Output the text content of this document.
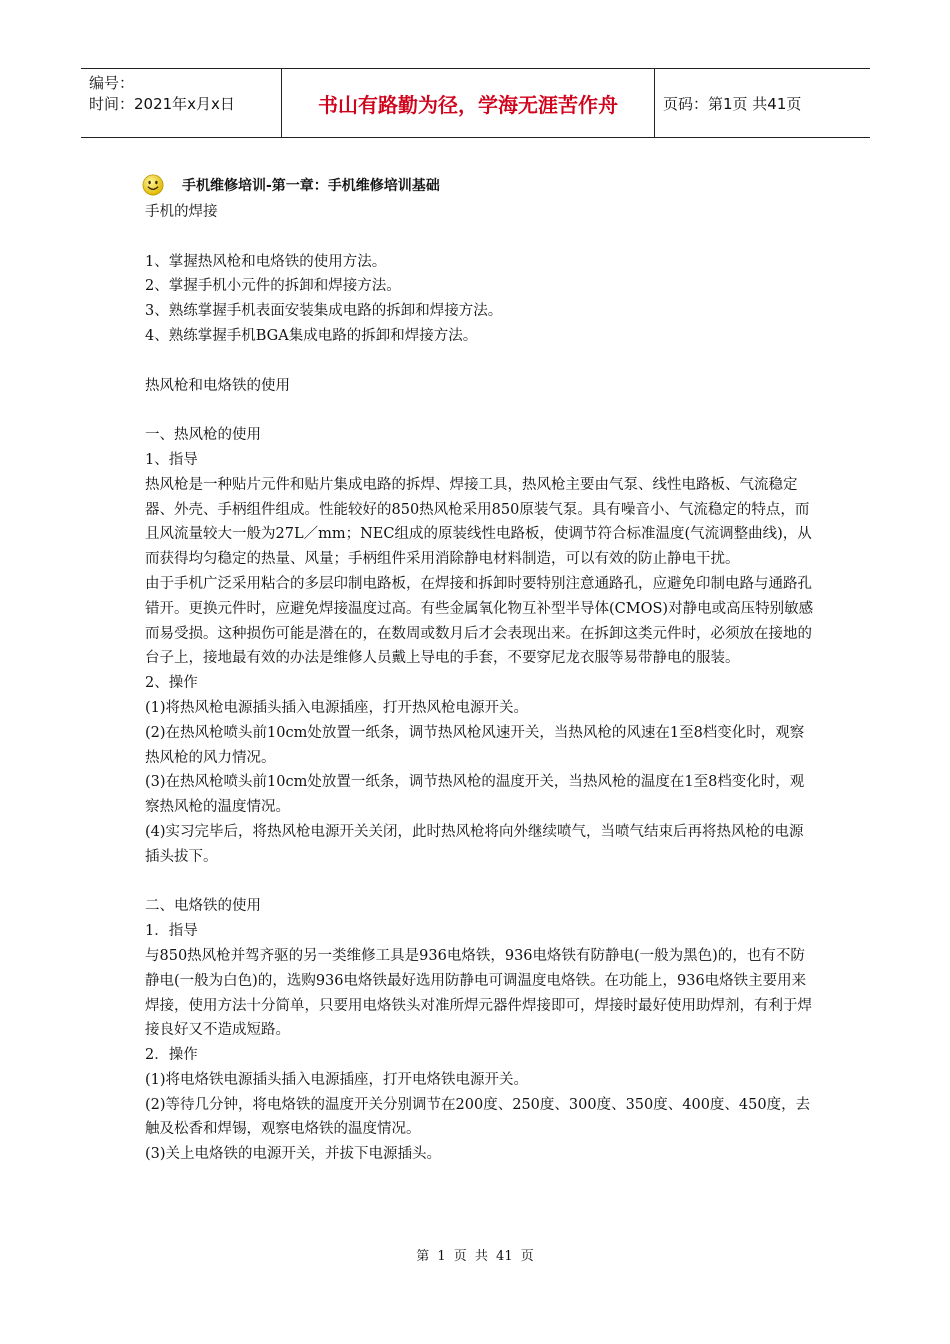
编号：
时间：2021年x月x日	书山有路勤为径，学海无涯苦作舟	页码：第1页 共41页
手机维修培训-第一章：手机维修培训基础
手机的焊接
1、掌握热风枪和电烙铁的使用方法。
2、掌握手机小元件的拆卸和焊接方法。
3、熟练掌握手机表面安装集成电路的拆卸和焊接方法。
4、熟练掌握手机BGA集成电路的拆卸和焊接方法。
热风枪和电烙铁的使用
一、热风枪的使用
1、指导
热风枪是一种贴片元件和贴片集成电路的拆焊、焊接工具，热风枪主要由气泵、线性电路板、气流稳定器、外壳、手柄组件组成。性能较好的850热风枪采用850原装气泵。具有噪音小、气流稳定的特点，而且风流量较大一般为27L／mm；NEC组成的原装线性电路板，使调节符合标准温度(气流调整曲线)，从而获得均匀稳定的热量、风量；手柄组件采用消除静电材料制造，可以有效的防止静电干扰。
由于手机广泛采用粘合的多层印制电路板，在焊接和拆卸时要特别注意通路孔，应避免印制电路与通路孔错开。更换元件时，应避免焊接温度过高。有些金属氧化物互补型半导体(CMOS)对静电或高压特别敏感而易受损。这种损伤可能是潜在的，在数周或数月后才会表现出来。在拆卸这类元件时，必须放在接地的台子上，接地最有效的办法是维修人员戴上导电的手套，不要穿尼龙衣服等易带静电的服装。
2、操作
(1)将热风枪电源插头插入电源插座，打开热风枪电源开关。
(2)在热风枪喷头前10cm处放置一纸条，调节热风枪风速开关，当热风枪的风速在1至8档变化时，观察热风枪的风力情况。
(3)在热风枪喷头前10cm处放置一纸条，调节热风枪的温度开关，当热风枪的温度在1至8档变化时，观察热风枪的温度情况。
(4)实习完毕后，将热风枪电源开关关闭，此时热风枪将向外继续喷气，当喷气结束后再将热风枪的电源插头拔下。
二、电烙铁的使用
1．指导
与850热风枪并驾齐驱的另一类维修工具是936电烙铁，936电烙铁有防静电(一般为黑色)的，也有不防静电(一般为白色)的，选购936电烙铁最好选用防静电可调温度电烙铁。在功能上，936电烙铁主要用来焊接，使用方法十分简单，只要用电烙铁头对准所焊元器件焊接即可，焊接时最好使用助焊剂，有利于焊接良好又不造成短路。
2．操作
(1)将电烙铁电源插头插入电源插座，打开电烙铁电源开关。
(2)等待几分钟，将电烙铁的温度开关分别调节在200度、250度、300度、350度、400度、450度，去触及松香和焊锡，观察电烙铁的温度情况。
(3)关上电烙铁的电源开关，并拔下电源插头。
第 1 页 共 41 页
